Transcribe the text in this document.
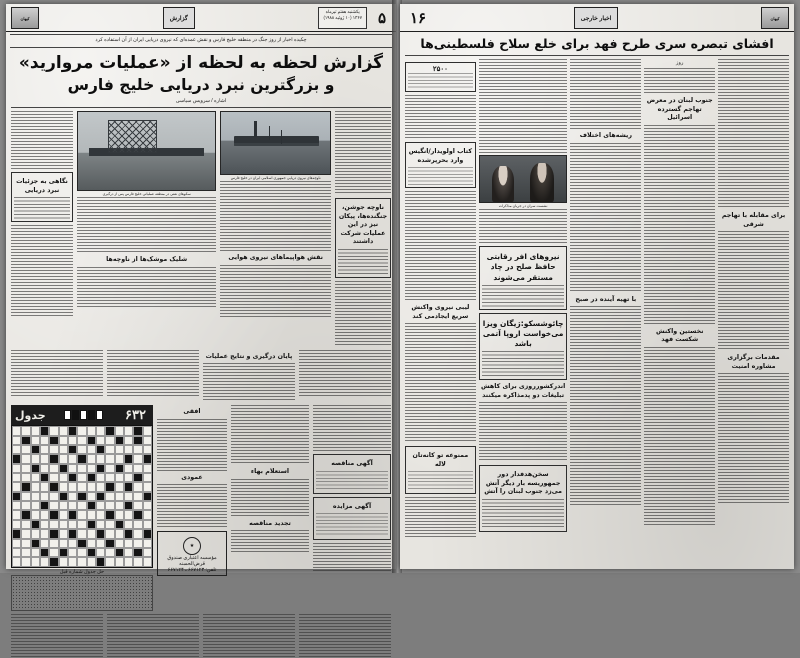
۵
یکشنبه هفتم تیرماه
۱۳۶۷ (۱۰ ژوئیه ۱۹۸۸)
گزارش
کیهان
چکیده اخبار از روز جنگ در منطقه خلیج فارس و نقش عمده‌ای که نیروی دریایی ایران از آن استفاده کرد
گزارش لحظه به لحظه از «عملیات مروارید»
و بزرگترین نبرد دریایی خلیج فارس
اشاره / سرویس سیاسی
ناوچه جوشن، جنگنده‌ها، پیکان نیز در این عملیات شرکت داشتند
ناوچه‌های نیروی دریایی جمهوری اسلامی ایران در خلیج فارس
نقش هواپیماهای نیروی هوایی
سکوهای نفتی در منطقه عملیاتی خلیج فارس پس از درگیری
شلیک موشک‌ها از ناوچه‌ها
نگاهی به جزئیات نبرد دریایی
پایان درگیری و نتایج عملیات
آگهی مناقصه
آگهی مزایده
استعلام بهاء
تجدید مناقصه
افقی
عمودی
★
مؤسسه اعتباری صندوق
قرض‌الحسنه
تلفن: ۶۶۷۱۲۳ ـ ۶۶۷۱۲۴
۶۳۲
جدول
حل جدول شماره قبل
کیهان
اخبار خارجی
۱۶
افشای تبصره سری طرح فهد برای خلع سلاح فلسطینی‌ها
برای مقابله با تهاجم شرقی
مقدمات برگزاری مشاوره امنیت
روز
جنوب لبنان در معرض تهاجم گسترده اسرائیل
نخستین واکنش شکست فهد
ریشه‌های اختلاف
با تهیه آینده در صبح
نشست سران در جریان مذاکرات
نیروهای افر رقابتی حافظ صلح در چاد مستقر می‌شوند
چائوشسکو:ژیگان ویزا می‌خواست اروپا آتمی باشد
اندرکشورروزی برای کاهش تبلیغات دو پدمذاکره میکنند
سخن‌هدفدار دور جمهوریسه بار دیگر آتش می‌زد جنوب لبنان را آتش
۲۵۰۰
کتاب اولویدار/انگیس وارد بحرپرشده
لیبی نیروی واکنش سریع ایجادمی کند
ممنوعه تو کانه‌تان لاله
